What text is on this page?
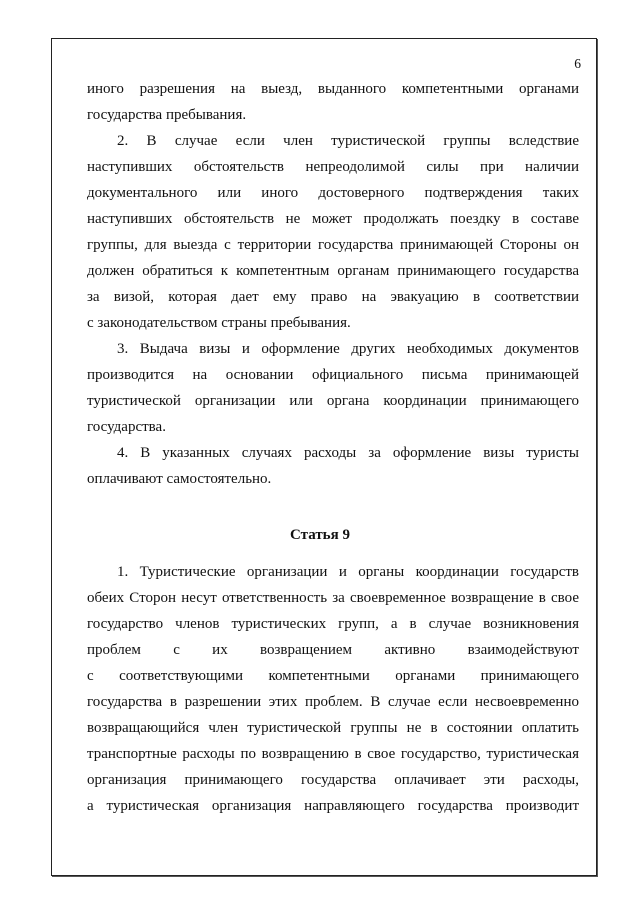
6
иного разрешения на выезд, выданного компетентными органами
государства пребывания.
2. В случае если член туристической группы вследствие
наступивших обстоятельств непреодолимой силы при наличии
документального или иного достоверного подтверждения таких
наступивших обстоятельств не может продолжать поездку в составе
группы, для выезда с территории государства принимающей Стороны он
должен обратиться к компетентным органам принимающего государства
за визой, которая дает ему право на эвакуацию в соответствии
с законодательством страны пребывания.
3. Выдача визы и оформление других необходимых документов
производится на основании официального письма принимающей
туристической организации или органа координации принимающего
государства.
4. В указанных случаях расходы за оформление визы туристы
оплачивают самостоятельно.
Статья 9
1. Туристические организации и органы координации государств
обеих Сторон несут ответственность за своевременное возвращение в свое
государство членов туристических групп, а в случае возникновения
проблем с их возвращением активно взаимодействуют
с соответствующими компетентными органами принимающего
государства в разрешении этих проблем. В случае если несвоевременно
возвращающийся член туристической группы не в состоянии оплатить
транспортные расходы по возвращению в свое государство, туристическая
организация принимающего государства оплачивает эти расходы,
а туристическая организация направляющего государства производит
